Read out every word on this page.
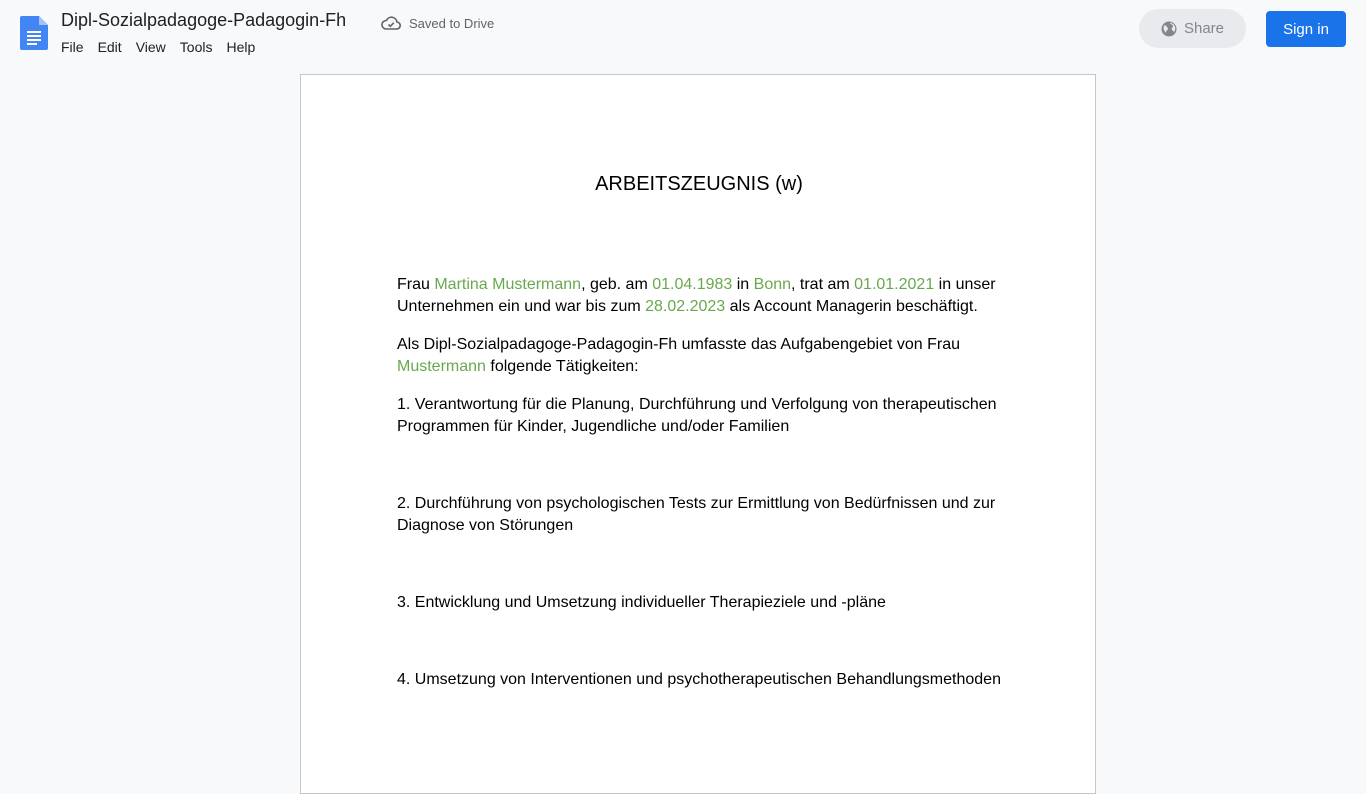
Dipl-Sozialpadagoge-Padagogin-Fh	Saved to Drive
File	Edit	View	Tools	Help
Share	Sign in
ARBEITSZEUGNIS (w)

Frau Martina Mustermann, geb. am 01.04.1983 in Bonn, trat am 01.01.2021 in unser Unternehmen ein und war bis zum 28.02.2023 als Account Managerin beschäftigt.

Als Dipl-Sozialpadagoge-Padagogin-Fh umfasste das Aufgabengebiet von Frau Mustermann folgende Tätigkeiten:

1. Verantwortung für die Planung, Durchführung und Verfolgung von therapeutischen Programmen für Kinder, Jugendliche und/oder Familien

2. Durchführung von psychologischen Tests zur Ermittlung von Bedürfnissen und zur Diagnose von Störungen

3. Entwicklung und Umsetzung individueller Therapieziele und -pläne

4. Umsetzung von Interventionen und psychotherapeutischen Behandlungsmethoden
